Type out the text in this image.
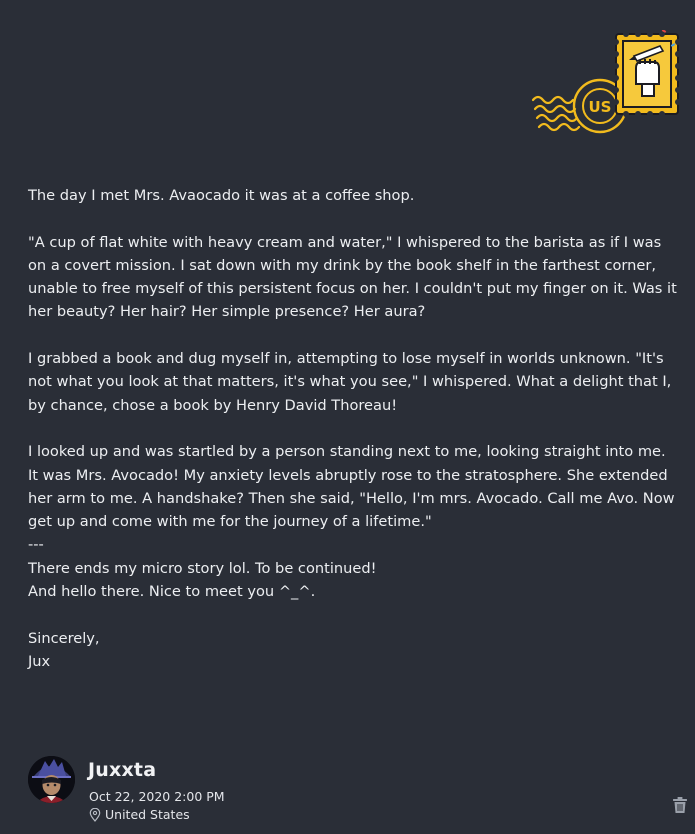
US

The day I met Mrs. Avaocado it was at a coffee shop.

"A cup of flat white with heavy cream and water," I whispered to the barista as if I was on a covert mission. I sat down with my drink by the book shelf in the farthest corner, unable to free myself of this persistent focus on her. I couldn't put my finger on it. Was it her beauty? Her hair? Her simple presence? Her aura?

I grabbed a book and dug myself in, attempting to lose myself in worlds unknown. "It's not what you look at that matters, it's what you see," I whispered. What a delight that I, by chance, chose a book by Henry David Thoreau!

I looked up and was startled by a person standing next to me, looking straight into me. It was Mrs. Avocado! My anxiety levels abruptly rose to the stratosphere. She extended her arm to me. A handshake? Then she said, "Hello, I'm mrs. Avocado. Call me Avo. Now get up and come with me for the journey of a lifetime."
---
There ends my micro story lol. To be continued!
And hello there. Nice to meet you ^_^.

Sincerely,
Jux

Juxxta
Oct 22, 2020 2:00 PM
United States
